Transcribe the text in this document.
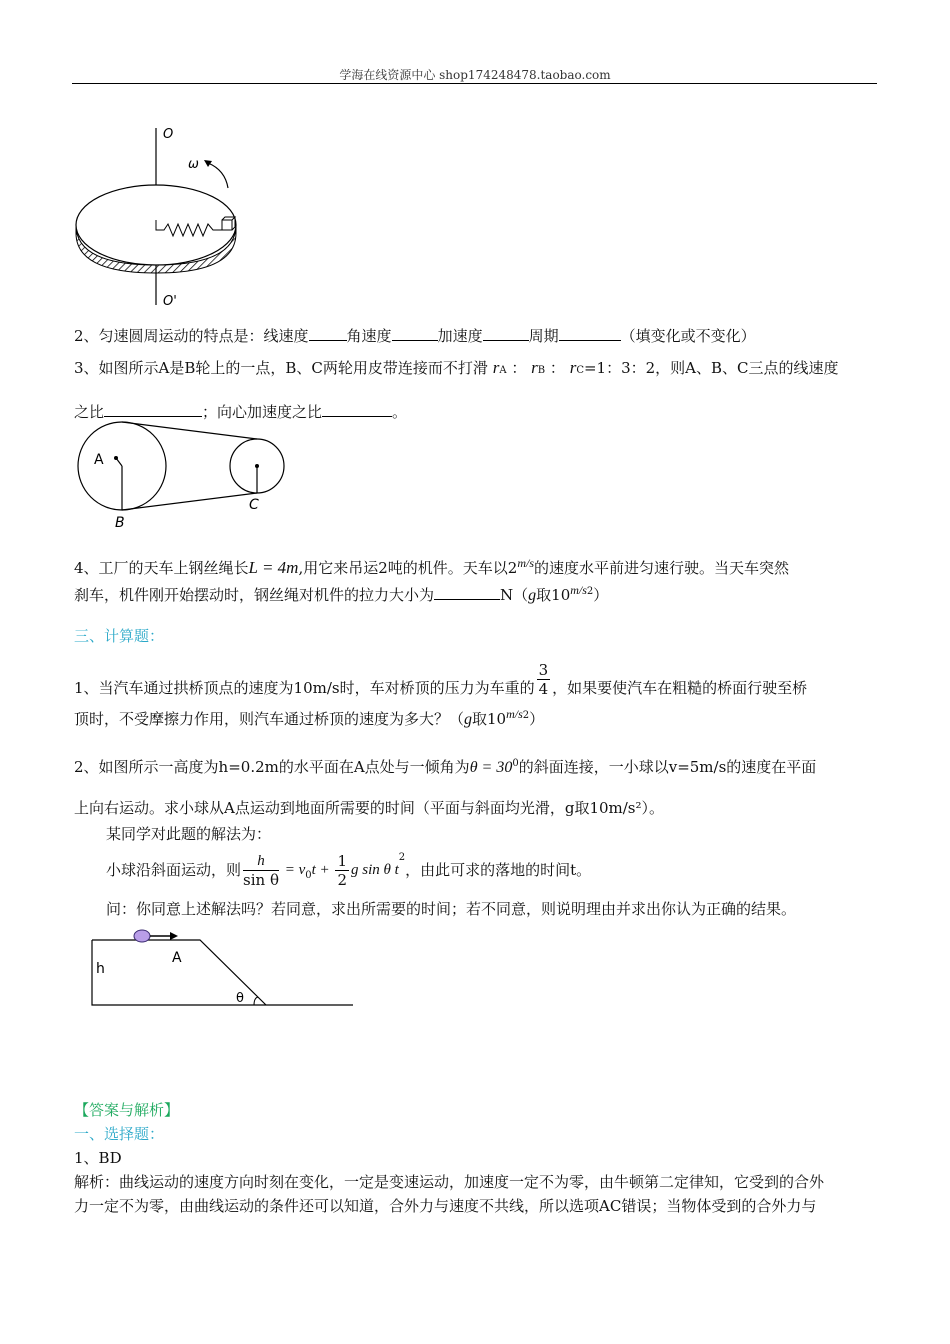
学海在线资源中心 shop174248478.taobao.com
O
O'
ω
2、匀速圆周运动的特点是：线速度	角速度	加速度	周期	（填变化或不变化）
3、如图所示A是B轮上的一点，B、C两轮用皮带连接而不打滑 rA ： rB ： rC=1：3：2，则A、B、C三点的线速度
之比	；向心加速度之比	。
A
B
C
4、工厂的天车上钢丝绳长L = 4m,用它来吊运2吨的机件。天车以$2^{m/s}$的速度水平前进匀速行驶。当天车突然
刹车，机件刚开始摆动时，钢丝绳对机件的拉力大小为	N（g取$10^{m/s2}$）
三、计算题：
1、当汽车通过拱桥顶点的速度为10m/s时，车对桥顶的压力为车重的 $\frac{3}{4}$ ，如果要使汽车在粗糙的桥面行驶至桥
顶时，不受摩擦力作用，则汽车通过桥顶的速度为多大？（g取$10^{m/s2}$）
2、如图所示一高度为h=0.2m的水平面在A点处与一倾角为$\theta = 30^0$的斜面连接，一小球以v=5m/s的速度在平面
上向右运动。求小球从A点运动到地面所需要的时间（平面与斜面均光滑，g取10m/s²）。
某同学对此题的解法为：
小球沿斜面运动，则 $\frac{h}{\text{sin θ}} = v_0t + \frac{1}{2}$ g sin θ $t^2$，由此可求的落地的时间t。
问：你同意上述解法吗？若同意，求出所需要的时间；若不同意，则说明理由并求出你认为正确的结果。
h
A
θ
【答案与解析】
一、选择题：
1、BD
解析：曲线运动的速度方向时刻在变化，一定是变速运动，加速度一定不为零，由牛顿第二定律知，它受到的合外
力一定不为零，由曲线运动的条件还可以知道，合外力与速度不共线，所以选项AC错误；当物体受到的合外力与
